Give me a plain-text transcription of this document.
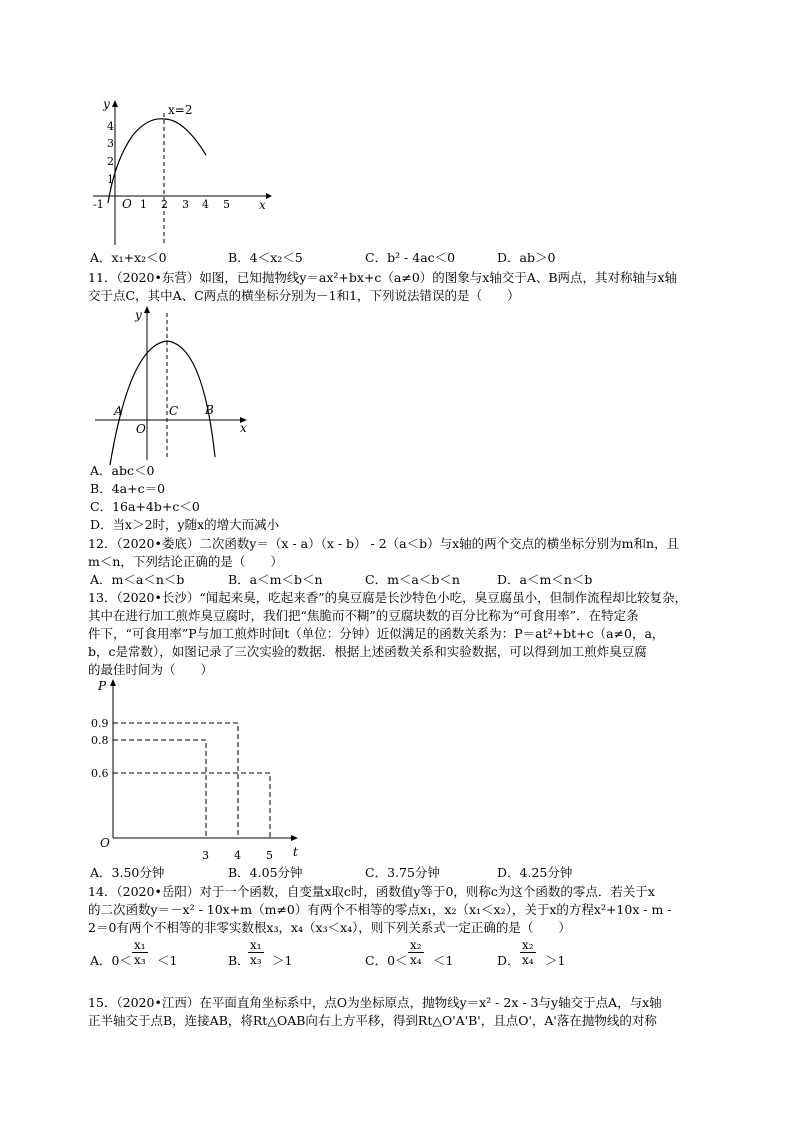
y
x
x=2
O
-1	1 2 3 4 5
1
2
3
4
A．x₁+x₂＜0	B．4＜x₂＜5	C．b² - 4ac＜0	D．ab＞0
11．（2020•东营）如图，已知抛物线y＝ax²+bx+c（a≠0）的图象与x轴交于A、B两点，其对称轴与x轴
交于点C，其中A、C两点的横坐标分别为－1和1，下列说法错误的是（　　）
y
x
A	B
C
O
A．abc＜0
B．4a+c＝0
C．16a+4b+c＜0
D．当x＞2时，y随x的增大而减小
12．（2020•娄底）二次函数y＝（x - a）（x - b） - 2（a＜b）与x轴的两个交点的横坐标分别为m和n，且
m＜n，下列结论正确的是（　　）
A．m＜a＜n＜b	B．a＜m＜b＜n	C．m＜a＜b＜n	D．a＜m＜n＜b
13．（2020•长沙）“闻起来臭，吃起来香”的臭豆腐是长沙特色小吃，臭豆腐虽小，但制作流程却比较复杂，
其中在进行加工煎炸臭豆腐时，我们把“焦脆而不糊”的豆腐块数的百分比称为“可食用率”．在特定条
件下，“可食用率”P与加工煎炸时间t（单位：分钟）近似满足的函数关系为：P＝at²+bt+c（a≠0，a，
b，c是常数），如图记录了三次实验的数据．根据上述函数关系和实验数据，可以得到加工煎炸臭豆腐
的最佳时间为（　　）
P
t
O
0.9
0.8
0.6
3 4 5
A．3.50分钟	B．4.05分钟	C．3.75分钟	D．4.25分钟
14．（2020•岳阳）对于一个函数，自变量x取c时，函数值y等于0，则称c为这个函数的零点．若关于x
的二次函数y＝－x² - 10x+m（m≠0）有两个不相等的零点x₁，x₂（x₁＜x₂），关于x的方程x²+10x - m -
2＝0有两个不相等的非零实数根x₃，x₄（x₃＜x₄），则下列关系式一定正确的是（　　）
A．$0< \frac{\text{x₁}}{\text{x₃}} <1$	B．
$\frac{\text{x₁}}{\text{x₃}} >1$	C．$0< \frac{\text{x₂}}{\text{x₄}} <1$	D． $\frac{\text{x₂}}{\text{x₄}} >1$
15．（2020•江西）在平面直角坐标系中，点O为坐标原点，抛物线y＝x² - 2x - 3与y轴交于点A，与x轴
正半轴交于点B，连接AB，将Rt△OAB向右上方平移，得到Rt△O'A'B'，且点O'，A'落在抛物线的对称
